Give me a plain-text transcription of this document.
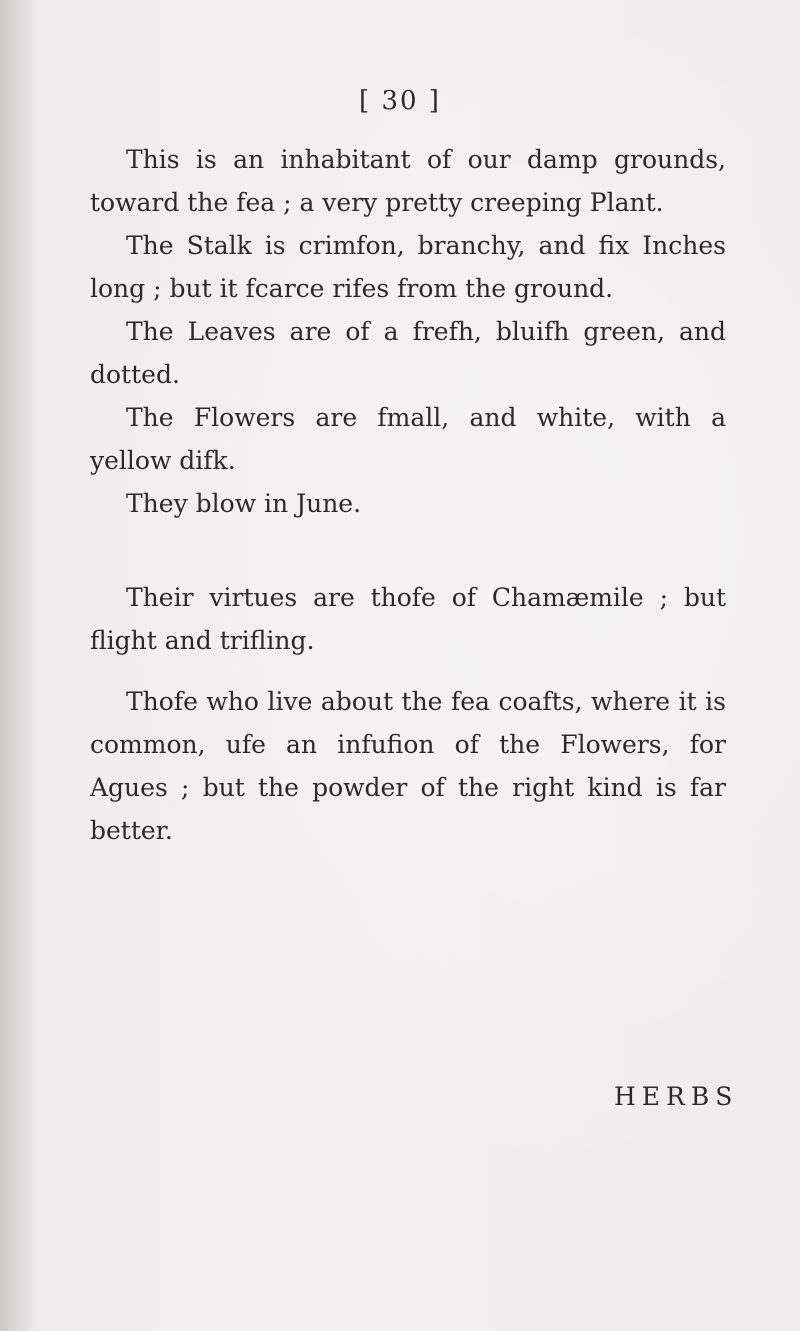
[ 30 ]

This is an inhabitant of our damp grounds, toward the fea ; a very pretty creeping Plant.

The Stalk is crimfon, branchy, and fix Inches long ; but it fcarce rifes from the ground.

The Leaves are of a frefh, bluifh green, and dotted.

The Flowers are fmall, and white, with a yellow difk.

They blow in June.

Their virtues are thofe of Chamæmile ; but flight and trifling.

Thofe who live about the fea coafts, where it is common, ufe an infufion of the Flowers, for Agues ; but the powder of the right kind is far better.

HERBS
